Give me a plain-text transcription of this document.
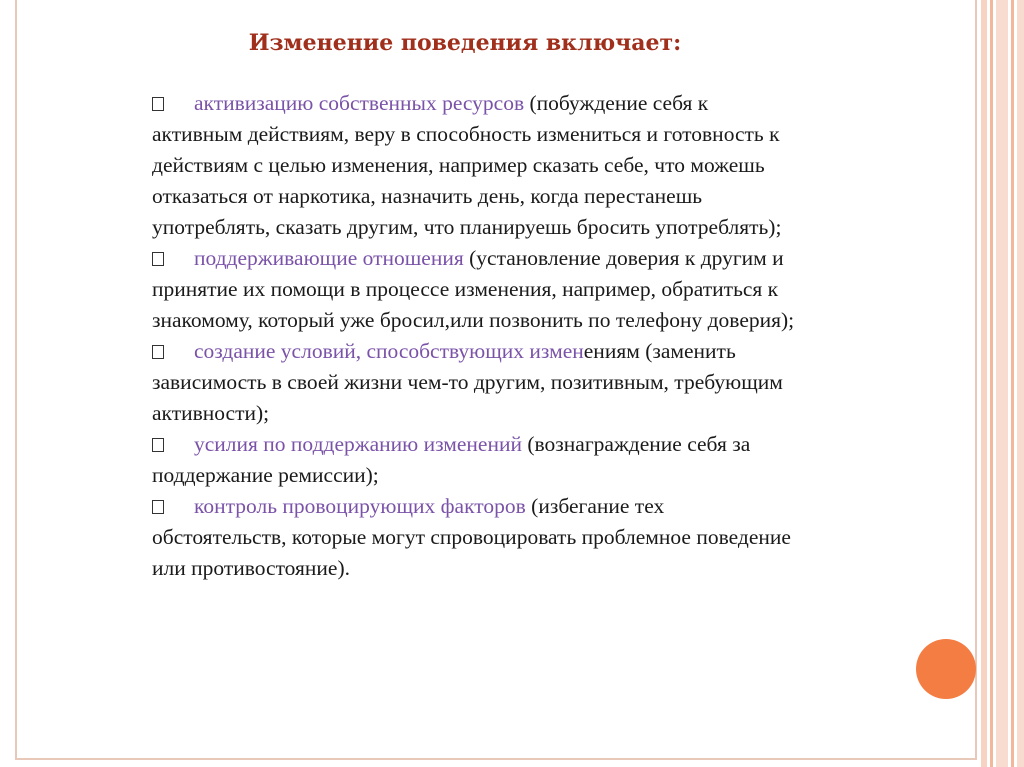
Изменение поведения включает:

активизацию собственных ресурсов (побуждение себя к активным действиям, веру в способность измениться и готовность к действиям с целью изменения, например сказать себе, что можешь отказаться от наркотика, назначить день, когда перестанешь употреблять, сказать другим, что планируешь бросить употреблять);

поддерживающие отношения (установление доверия к другим и принятие их помощи в процессе изменения, например, обратиться к знакомому, который уже бросил,или позвонить по телефону доверия);

создание условий, способствующих изменениям (заменить зависимость в своей жизни чем-то другим, позитивным, требующим активности);

усилия по поддержанию изменений (вознаграждение себя за поддержание ремиссии);

контроль провоцирующих факторов (избегание тех обстоятельств, которые могут спровоцировать проблемное поведение или противостояние).
